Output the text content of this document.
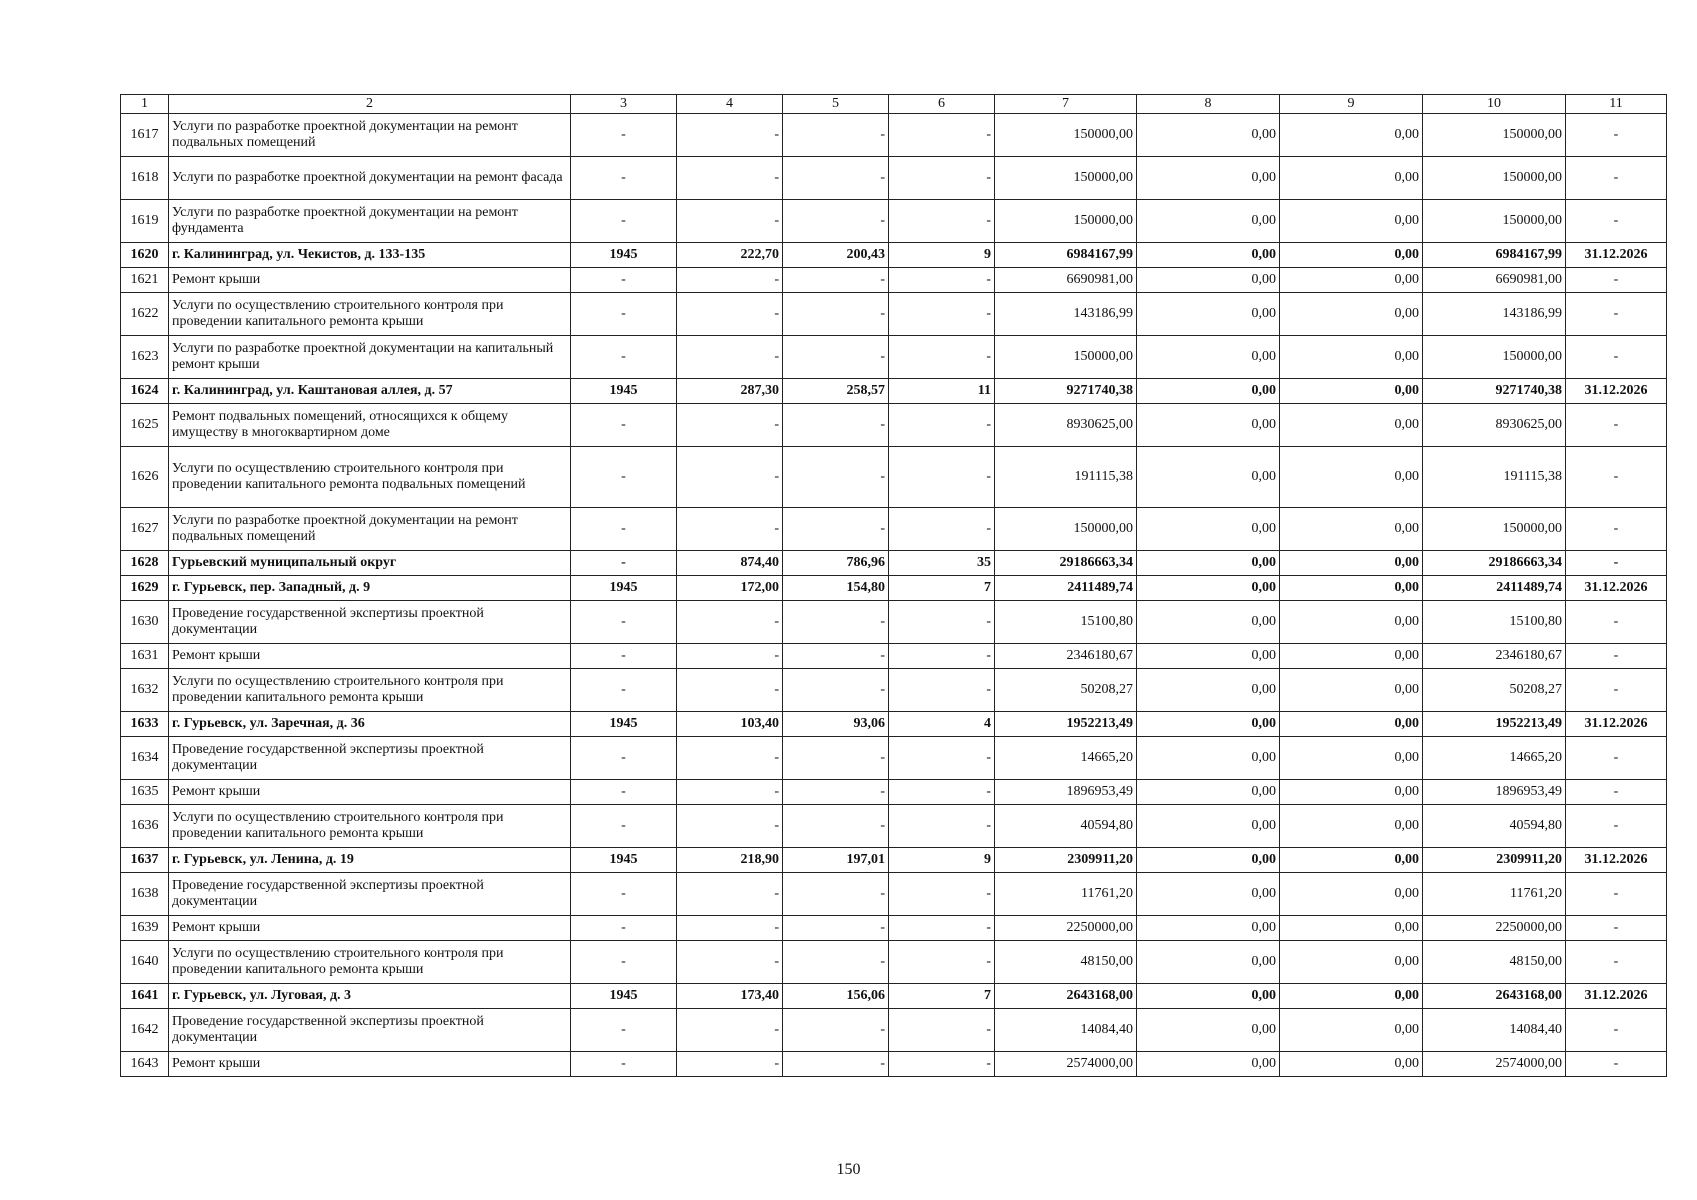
1	2	3	4	5	6	7	8	9	10	11
1617	Услуги по разработке проектной документации на ремонт подвальных помещений	-	-	-	-	150000,00	0,00	0,00	150000,00	-
1618	Услуги по разработке проектной документации на ремонт фасада	-	-	-	-	150000,00	0,00	0,00	150000,00	-
1619	Услуги по разработке проектной документации на ремонт фундамента	-	-	-	-	150000,00	0,00	0,00	150000,00	-
1620	г. Калининград, ул. Чекистов, д. 133-135	1945	222,70	200,43	9	6984167,99	0,00	0,00	6984167,99	31.12.2026
1621	Ремонт крыши	-	-	-	-	6690981,00	0,00	0,00	6690981,00	-
1622	Услуги по осуществлению строительного контроля при проведении капитального ремонта крыши	-	-	-	-	143186,99	0,00	0,00	143186,99	-
1623	Услуги по разработке проектной документации на капитальный ремонт крыши	-	-	-	-	150000,00	0,00	0,00	150000,00	-
1624	г. Калининград, ул. Каштановая аллея, д. 57	1945	287,30	258,57	11	9271740,38	0,00	0,00	9271740,38	31.12.2026
1625	Ремонт подвальных помещений, относящихся к общему имуществу в многоквартирном доме	-	-	-	-	8930625,00	0,00	0,00	8930625,00	-
1626	Услуги по осуществлению строительного контроля при проведении капитального ремонта подвальных помещений	-	-	-	-	191115,38	0,00	0,00	191115,38	-
1627	Услуги по разработке проектной документации на ремонт подвальных помещений	-	-	-	-	150000,00	0,00	0,00	150000,00	-
1628	Гурьевский муниципальный округ	-	874,40	786,96	35	29186663,34	0,00	0,00	29186663,34	-
1629	г. Гурьевск, пер. Западный, д. 9	1945	172,00	154,80	7	2411489,74	0,00	0,00	2411489,74	31.12.2026
1630	Проведение государственной экспертизы проектной документации	-	-	-	-	15100,80	0,00	0,00	15100,80	-
1631	Ремонт крыши	-	-	-	-	2346180,67	0,00	0,00	2346180,67	-
1632	Услуги по осуществлению строительного контроля при проведении капитального ремонта крыши	-	-	-	-	50208,27	0,00	0,00	50208,27	-
1633	г. Гурьевск, ул. Заречная, д. 36	1945	103,40	93,06	4	1952213,49	0,00	0,00	1952213,49	31.12.2026
1634	Проведение государственной экспертизы проектной документации	-	-	-	-	14665,20	0,00	0,00	14665,20	-
1635	Ремонт крыши	-	-	-	-	1896953,49	0,00	0,00	1896953,49	-
1636	Услуги по осуществлению строительного контроля при проведении капитального ремонта крыши	-	-	-	-	40594,80	0,00	0,00	40594,80	-
1637	г. Гурьевск, ул. Ленина, д. 19	1945	218,90	197,01	9	2309911,20	0,00	0,00	2309911,20	31.12.2026
1638	Проведение государственной экспертизы проектной документации	-	-	-	-	11761,20	0,00	0,00	11761,20	-
1639	Ремонт крыши	-	-	-	-	2250000,00	0,00	0,00	2250000,00	-
1640	Услуги по осуществлению строительного контроля при проведении капитального ремонта крыши	-	-	-	-	48150,00	0,00	0,00	48150,00	-
1641	г. Гурьевск, ул. Луговая, д. 3	1945	173,40	156,06	7	2643168,00	0,00	0,00	2643168,00	31.12.2026
1642	Проведение государственной экспертизы проектной документации	-	-	-	-	14084,40	0,00	0,00	14084,40	-
1643	Ремонт крыши	-	-	-	-	2574000,00	0,00	0,00	2574000,00	-
150
